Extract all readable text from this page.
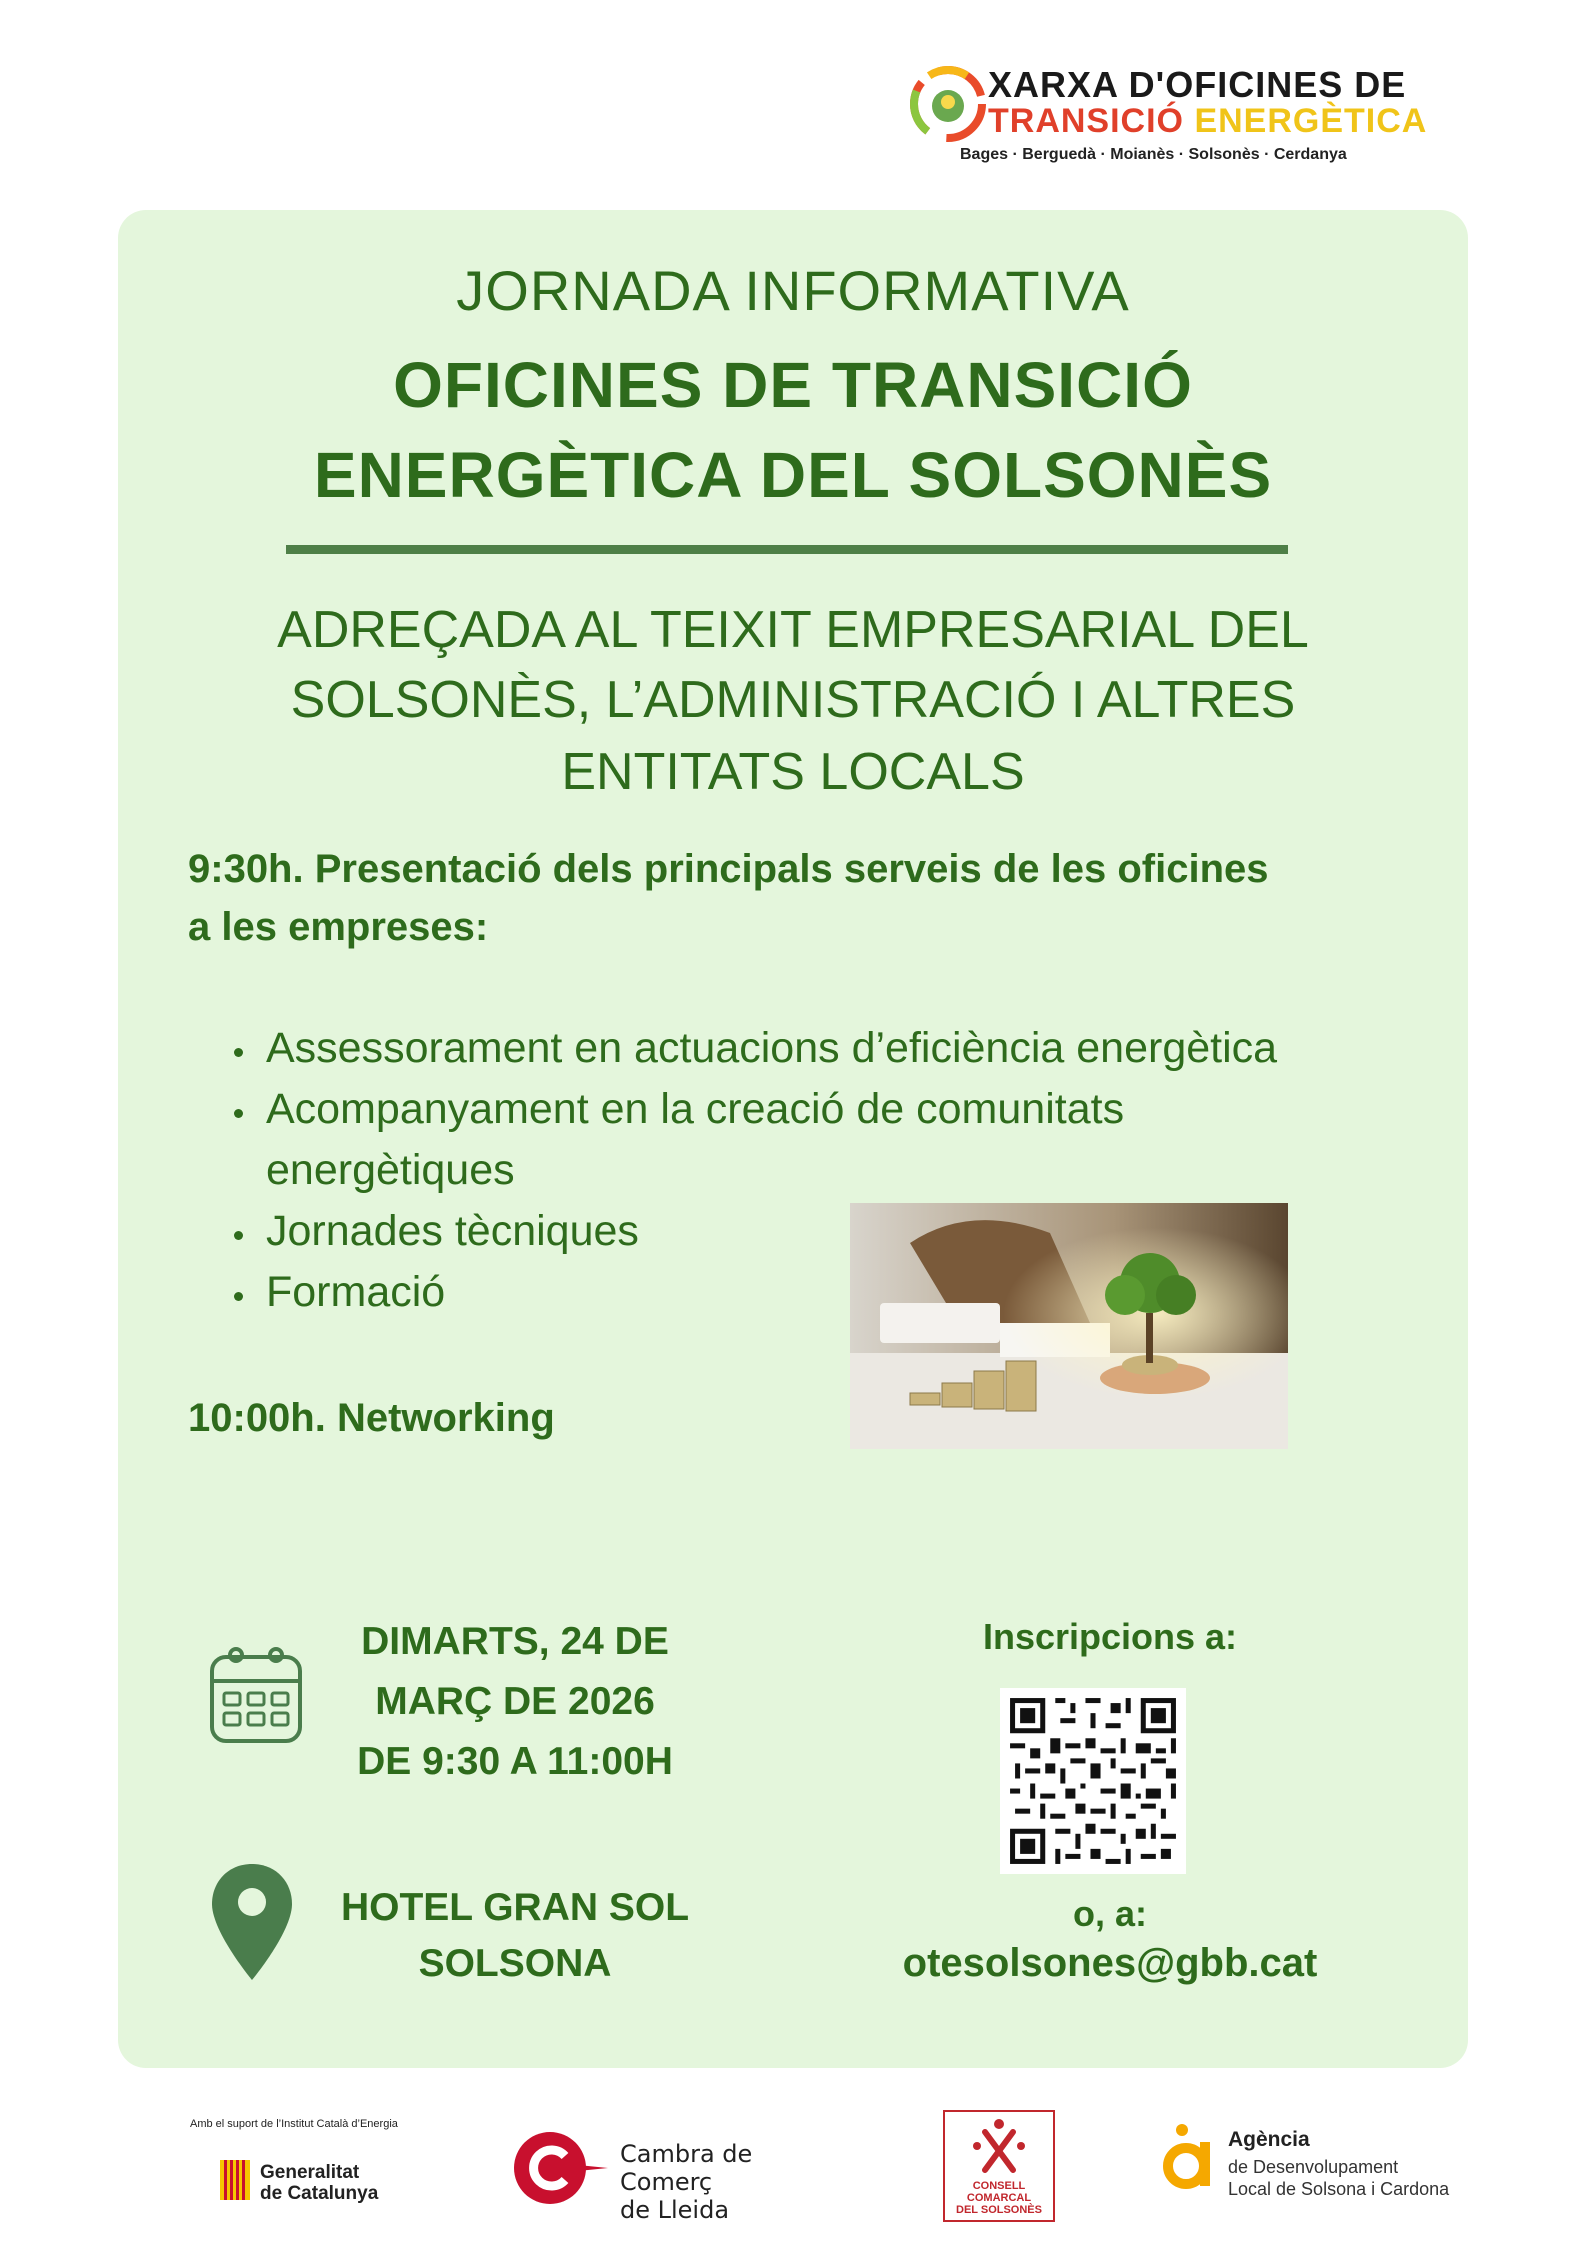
XARXA D'OFICINES DE
TRANSICIÓ ENERGÈTICA
Bages · Berguedà · Moianès · Solsonès · Cerdanya
JORNADA INFORMATIVA
OFICINES DE TRANSICIÓ
ENERGÈTICA DEL SOLSONÈS
ADREÇADA AL TEIXIT EMPRESARIAL DEL
SOLSONÈS, L’ADMINISTRACIÓ I ALTRES
ENTITATS LOCALS
9:30h. Presentació dels principals serveis de les oficines
a les empreses:
Assessorament en actuacions d’eficiència energètica
Acompanyament en la creació de comunitats
energètiques
Jornades tècniques
Formació
10:00h. Networking
DIMARTS, 24 DE
MARÇ DE 2026
DE 9:30 A 11:00H
HOTEL GRAN SOL
SOLSONA
Inscripcions a:
o, a:
otesolsones@gbb.cat
Amb el suport de l’Institut Català d’Energia
Generalitat
de Catalunya
Cambra de Comerç
de Lleida
CONSELL
COMARCAL
DEL SOLSONÈS
Agència
de Desenvolupament
Local de Solsona i Cardona
